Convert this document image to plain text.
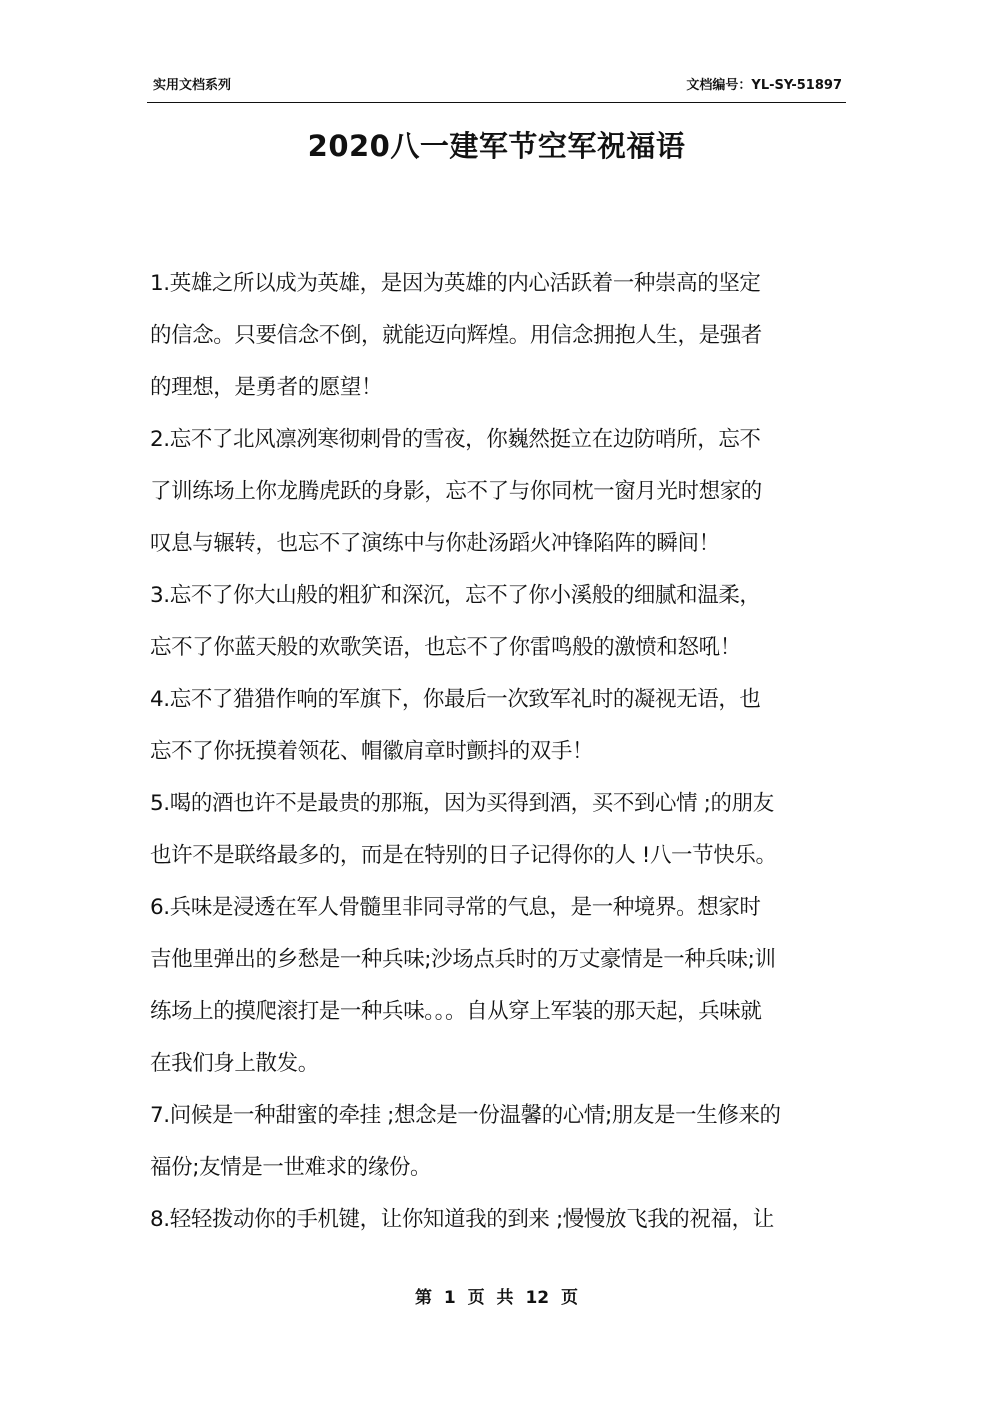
实用文档系列	文档编号：YL-SY-51897
2020八一建军节空军祝福语
1.英雄之所以成为英雄，是因为英雄的内心活跃着一种崇高的坚定
的信念。只要信念不倒，就能迈向辉煌。用信念拥抱人生，是强者
的理想，是勇者的愿望！
2.忘不了北风凛冽寒彻刺骨的雪夜，你巍然挺立在边防哨所，忘不
了训练场上你龙腾虎跃的身影，忘不了与你同枕一窗月光时想家的
叹息与辗转，也忘不了演练中与你赴汤蹈火冲锋陷阵的瞬间！
3.忘不了你大山般的粗犷和深沉，忘不了你小溪般的细腻和温柔，
忘不了你蓝天般的欢歌笑语，也忘不了你雷鸣般的激愤和怒吼！
4.忘不了猎猎作响的军旗下，你最后一次致军礼时的凝视无语，也
忘不了你抚摸着领花、帽徽肩章时颤抖的双手！
5.喝的酒也许不是最贵的那瓶，因为买得到酒，买不到心情 ;的朋友
也许不是联络最多的，而是在特别的日子记得你的人 !八一节快乐。
6.兵味是浸透在军人骨髓里非同寻常的气息，是一种境界。想家时
吉他里弹出的乡愁是一种兵味;沙场点兵时的万丈豪情是一种兵味;训
练场上的摸爬滚打是一种兵味。。。自从穿上军装的那天起，兵味就
在我们身上散发。
7.问候是一种甜蜜的牵挂 ;想念是一份温馨的心情;朋友是一生修来的
福份;友情是一世难求的缘份。
8.轻轻拨动你的手机键，让你知道我的到来 ;慢慢放飞我的祝福，让
第 1 页 共 12 页
